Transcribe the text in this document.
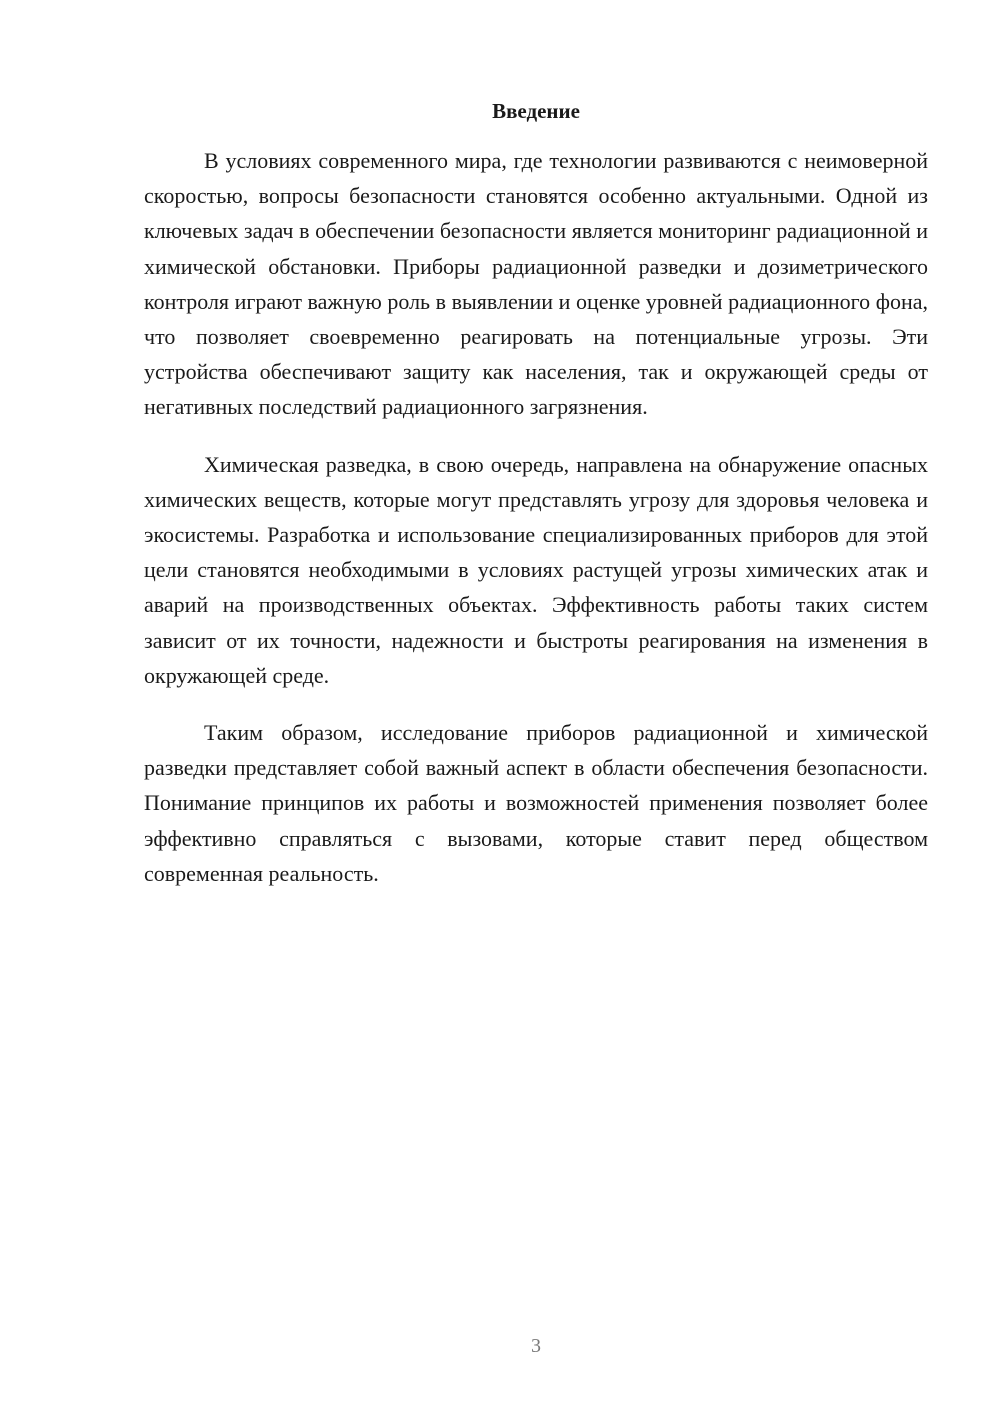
Введение

В условиях современного мира, где технологии развиваются с неимоверной скоростью, вопросы безопасности становятся особенно актуальными. Одной из ключевых задач в обеспечении безопасности является мониторинг радиационной и химической обстановки. Приборы радиационной разведки и дозиметрического контроля играют важную роль в выявлении и оценке уровней радиационного фона, что позволяет своевременно реагировать на потенциальные угрозы. Эти устройства обеспечивают защиту как населения, так и окружающей среды от негативных последствий радиационного загрязнения.

Химическая разведка, в свою очередь, направлена на обнаружение опасных химических веществ, которые могут представлять угрозу для здоровья человека и экосистемы. Разработка и использование специализированных приборов для этой цели становятся необходимыми в условиях растущей угрозы химических атак и аварий на производственных объектах. Эффективность работы таких систем зависит от их точности, надежности и быстроты реагирования на изменения в окружающей среде.

Таким образом, исследование приборов радиационной и химической разведки представляет собой важный аспект в области обеспечения безопасности. Понимание принципов их работы и возможностей применения позволяет более эффективно справляться с вызовами, которые ставит перед обществом современная реальность.

3
